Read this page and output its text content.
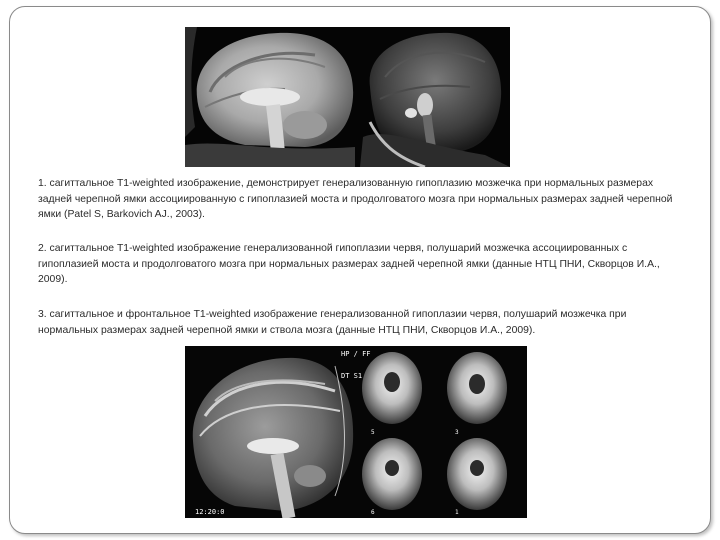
1. сагиттальное Т1-weighted изображение, демонстрирует генерализованную гипоплазию мозжечка при нормальных размерах задней черепной ямки ассоциированную с гипоплазией моста и продолговатого мозга при нормальных размерах задней черепной ямки (Patel S, Barkovich AJ., 2003).

2. сагиттальное Т1-weighted изображение генерализованной гипоплазии червя, полушарий мозжечка ассоциированных с гипоплазией моста и продолговатого мозга при нормальных размерах задней черепной ямки (данные НТЦ ПНИ, Скворцов И.А., 2009).

3. сагиттальное и фронтальное Т1-weighted изображение генерализованной гипоплазии червя, полушарий мозжечка при нормальных размерах задней черепной ямки и ствола мозга (данные НТЦ ПНИ, Скворцов И.А., 2009).

HP / FF
DT S1
12:20:0
5	3
6	1
